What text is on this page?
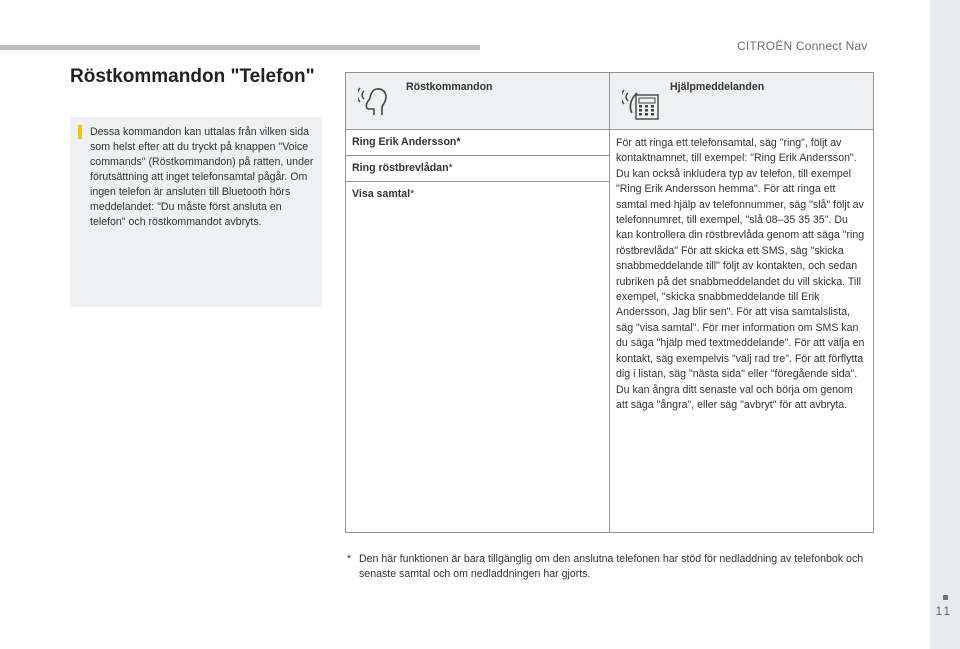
CITROËN Connect Nav
11
Röstkommandon "Telefon"

Dessa kommandon kan uttalas från vilken sida som helst efter att du tryckt på knappen "Voice commands" (Röstkommandon) på ratten, under förutsättning att inget telefonsamtal pågår. Om ingen telefon är ansluten till Bluetooth hörs meddelandet: "Du måste först ansluta en telefon" och röstkommandot avbryts.

Röstkommandon	Hjälpmeddelanden

Ring Erik Andersson*	För att ringa ett telefonsamtal, säg "ring", följt av kontaktnamnet, till exempel: "Ring Erik Andersson". Du kan också inkludera typ av telefon, till exempel "Ring Erik Andersson hemma". För att ringa ett samtal med hjälp av telefonnummer, säg "slå" följt av telefonnumret, till exempel, "slå 08–35 35 35". Du kan kontrollera din röstbrevlåda genom att säga "ring röstbrevlåda" För att skicka ett SMS, säg "skicka snabbmeddelande till" följt av kontakten, och sedan rubriken på det snabbmeddelandet du vill skicka. Till exempel, "skicka snabbmeddelande till Erik Andersson, Jag blir sen". För att visa samtalslista, säg "visa samtal". För mer information om SMS kan du säga "hjälp med textmeddelande". För att välja en kontakt, säg exempelvis "välj rad tre". För att förflytta dig i listan, säg "nästa sida" eller "föregående sida". Du kan ångra ditt senaste val och börja om genom att säga "ångra", eller säg "avbryt" för att avbryta.
Ring röstbrevlådan*	
Visa samtal*	
* Den här funktionen är bara tillgänglig om den anslutna telefonen har stöd för nedladdning av telefonbok och senaste samtal och om nedladdningen har gjorts.
